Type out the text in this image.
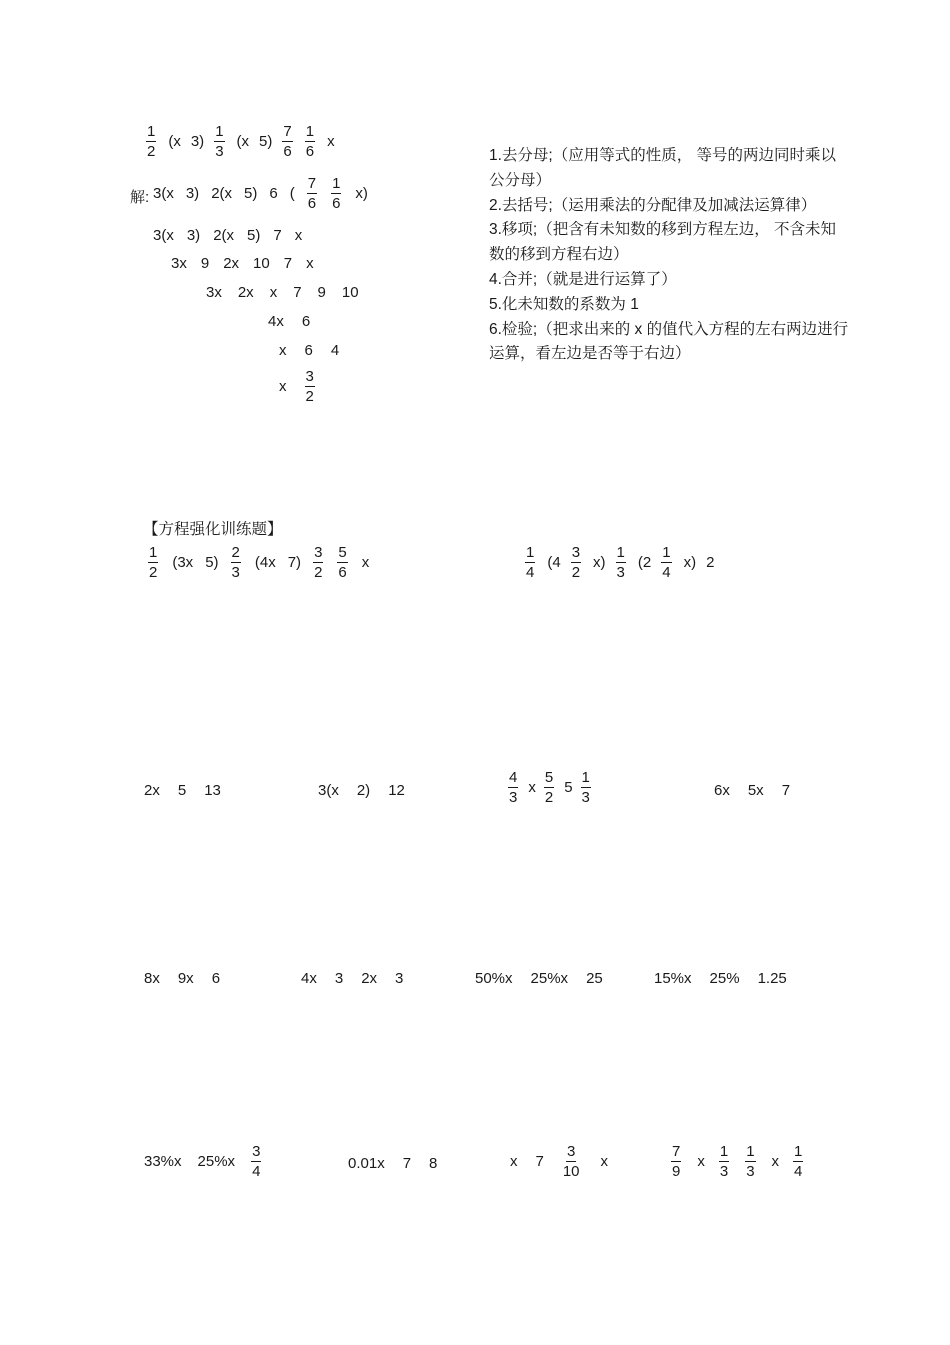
$\frac{1}{2} (x$ $3) \frac{1}{3} (x$ $5) \frac{7}{6} \frac{1}{6}$ x
解: 3(x 3) 2(x 5) 6 ( $\frac{7}{6} \frac{1}{6} x$)
3(x 3) 2(x 5) 7 x
3x 9 2x 10 7 x
3x 2x x 7 9 10
4x 6
x 6 4
x $\frac{3}{2}$
1.去分母;（应用等式的性质， 等号的两边同时乘以公分母）
2.去括号;（运用乘法的分配律及加减法运算律）
3.移项;（把含有未知数的移到方程左边， 不含未知数的移到方程右边）
4.合并;（就是进行运算了）
5.化未知数的系数为 1
6.检验;（把求出来的 x 的值代入方程的左右两边进行运算，看左边是否等于右边）
【方程强化训练题】
$\frac{1}{2} (3x$ $5) \frac{2}{3} (4x$ $7) \frac{3}{2} \frac{5}{6}$ x	$\frac{1}{4} (4 \frac{3}{2} x) \frac{1}{3} (2 \frac{1}{4} x)$ 2
2x 5 13	3(x 2) 12	$\frac{4}{3}$ x $\frac{5}{2} 5 \frac{1}{3}$	6x 5x 7
8x 9x 6	4x 3 2x 3	50%x 25%x 25	15%x 25% 1.25
33%x $25\%x \frac{3}{4}$	0.01x 7 8	x $7 \frac{3}{10}$ x	$\frac{7}{9}$ x $\frac{1}{3} \frac{1}{3}$ x $\frac{1}{4}$
